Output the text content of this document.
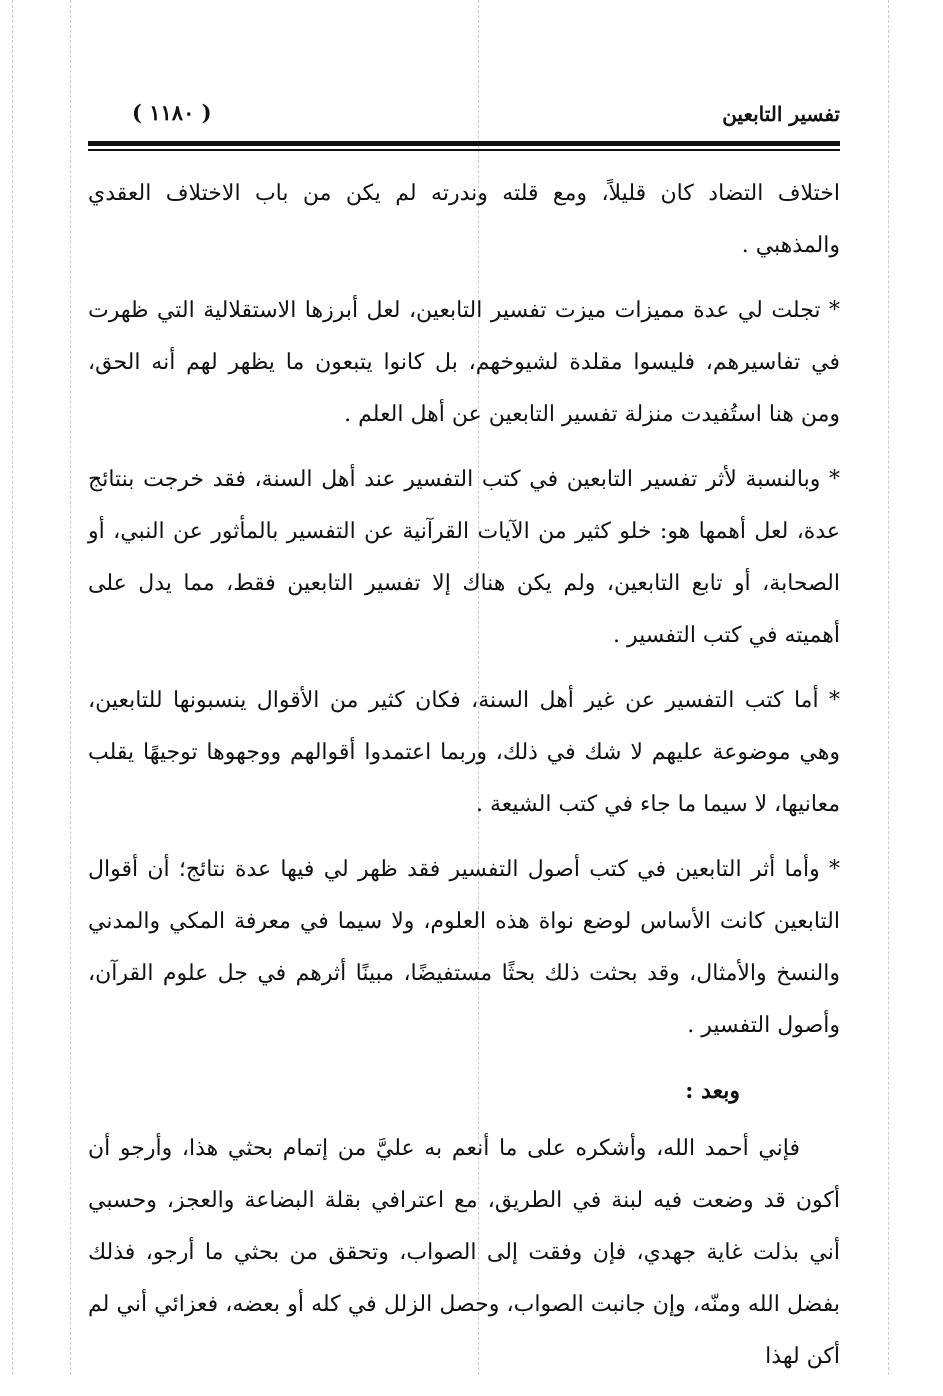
تفسير التابعين
( ١١٨٠ )

اختلاف التضاد كان قليلاً، ومع قلته وندرته لم يكن من باب الاختلاف العقدي والمذهبي .

* تجلت لي عدة مميزات ميزت تفسير التابعين، لعل أبرزها الاستقلالية التي ظهرت في تفاسيرهم، فليسوا مقلدة لشيوخهم، بل كانوا يتبعون ما يظهر لهم أنه الحق، ومن هنا استُفيدت منزلة تفسير التابعين عن أهل العلم .

* وبالنسبة لأثر تفسير التابعين في كتب التفسير عند أهل السنة، فقد خرجت بنتائج عدة، لعل أهمها هو: خلو كثير من الآيات القرآنية عن التفسير بالمأثور عن النبي، أو الصحابة، أو تابع التابعين، ولم يكن هناك إلا تفسير التابعين فقط، مما يدل على أهميته في كتب التفسير .

* أما كتب التفسير عن غير أهل السنة، فكان كثير من الأقوال ينسبونها للتابعين، وهي موضوعة عليهم لا شك في ذلك، وربما اعتمدوا أقوالهم ووجهوها توجيهًا يقلب معانيها، لا سيما ما جاء في كتب الشيعة .

* وأما أثر التابعين في كتب أصول التفسير فقد ظهر لي فيها عدة نتائج؛ أن أقوال التابعين كانت الأساس لوضع نواة هذه العلوم، ولا سيما في معرفة المكي والمدني والنسخ والأمثال، وقد بحثت ذلك بحثًا مستفيضًا، مبينًا أثرهم في جل علوم القرآن، وأصول التفسير .

وبعد :

فإني أحمد الله، وأشكره على ما أنعم به عليَّ من إتمام بحثي هذا، وأرجو أن أكون قد وضعت فيه لبنة في الطريق، مع اعترافي بقلة البضاعة والعجز، وحسبي أني بذلت غاية جهدي، فإن وفقت إلى الصواب، وتحقق من بحثي ما أرجو، فذلك بفضل الله ومنّه، وإن جانبت الصواب، وحصل الزلل في كله أو بعضه، فعزائي أني لم أكن لهذا
